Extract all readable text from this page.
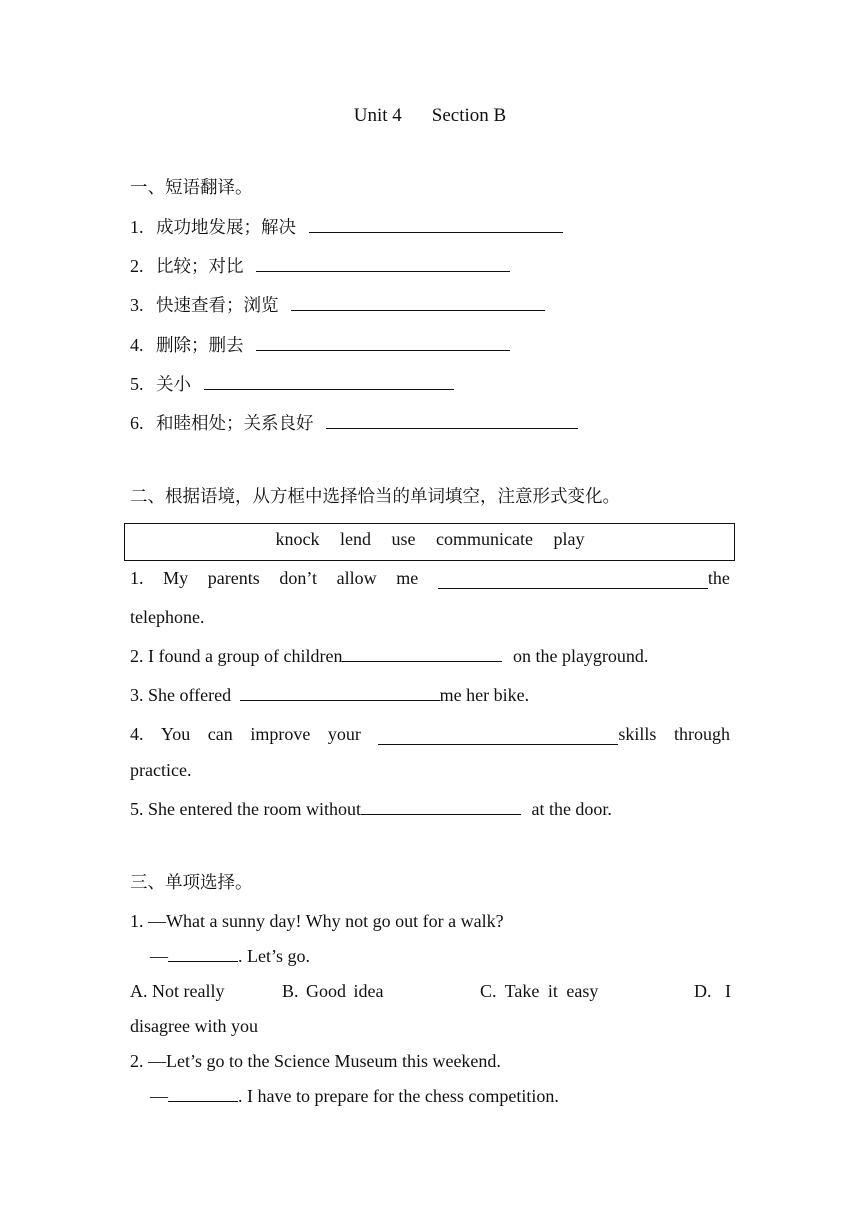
Unit 4 Section B
一、短语翻译。
1. 成功地发展；解决
2. 比较；对比
3. 快速查看；浏览
4. 删除；删去
5. 关小
6. 和睦相处；关系良好
二、根据语境，从方框中选择恰当的单词填空，注意形式变化。
knock lend use communicate play
1. My parents don’t allow me	the
telephone.
2. I found a group of children	on the playground.
3. She offered	me her bike.
4. You can improve your	skills through
practice.
5. She entered the room without	at the door.
三、单项选择。
1. —What a sunny day! Why not go out for a walk?
—	. Let’s go.
A. Not really	B. Good idea	C. Take it easy	D. I
disagree with you
2. —Let’s go to the Science Museum this weekend.
—	. I have to prepare for the chess competition.
